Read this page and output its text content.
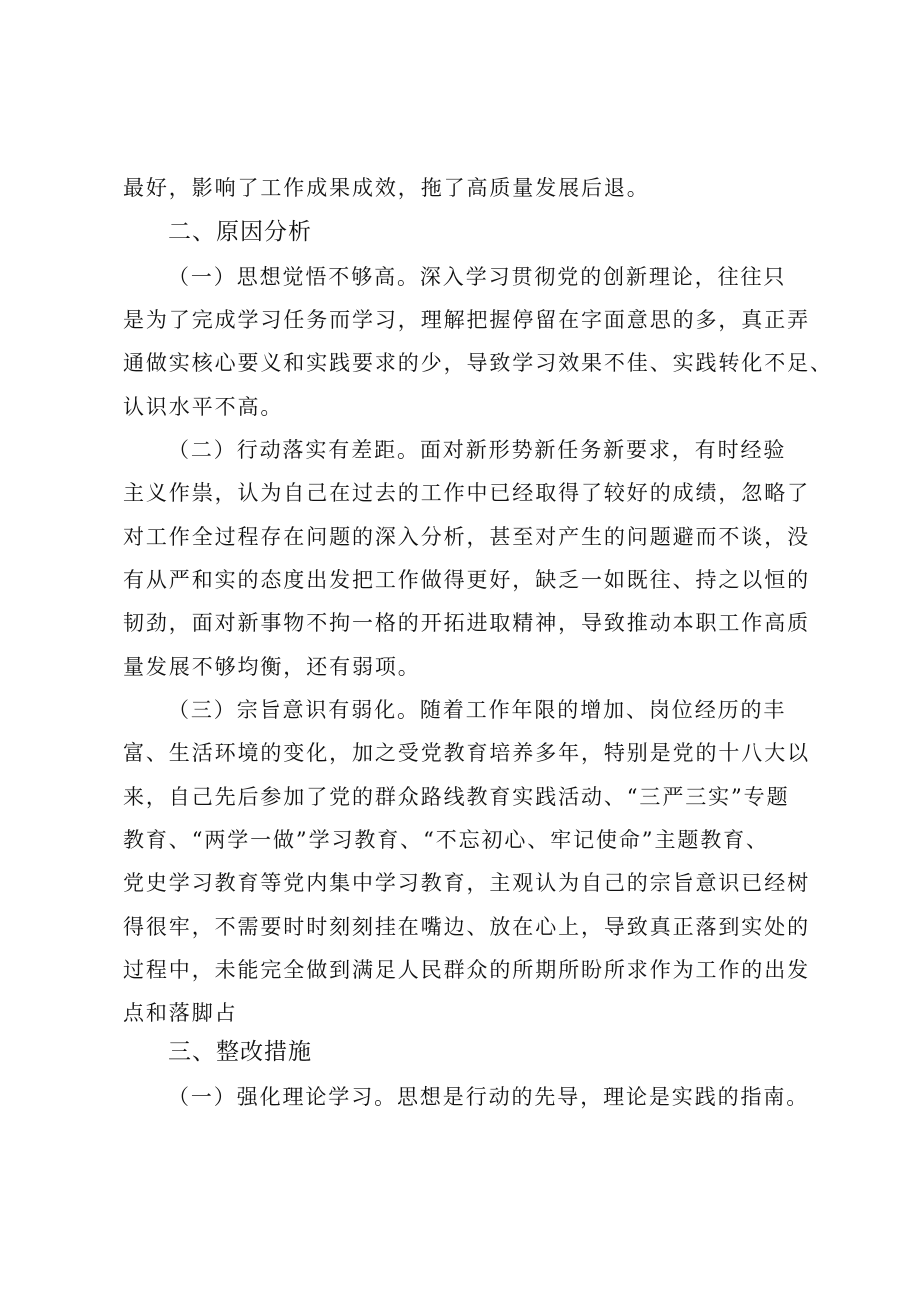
最好，影响了工作成果成效，拖了高质量发展后退。
二、原因分析
（一）思想觉悟不够高。深入学习贯彻党的创新理论，往往只
是为了完成学习任务而学习，理解把握停留在字面意思的多，真正弄
通做实核心要义和实践要求的少，导致学习效果不佳、实践转化不足、
认识水平不高。
（二）行动落实有差距。面对新形势新任务新要求，有时经验
主义作祟，认为自己在过去的工作中已经取得了较好的成绩，忽略了
对工作全过程存在问题的深入分析，甚至对产生的问题避而不谈，没
有从严和实的态度出发把工作做得更好，缺乏一如既往、持之以恒的
韧劲，面对新事物不拘一格的开拓进取精神，导致推动本职工作高质
量发展不够均衡，还有弱项。
（三）宗旨意识有弱化。随着工作年限的增加、岗位经历的丰
富、生活环境的变化，加之受党教育培养多年，特别是党的十八大以
来，自己先后参加了党的群众路线教育实践活动、“三严三实”专题
教育、“两学一做”学习教育、“不忘初心、牢记使命”主题教育、
党史学习教育等党内集中学习教育，主观认为自己的宗旨意识已经树
得很牢，不需要时时刻刻挂在嘴边、放在心上，导致真正落到实处的
过程中，未能完全做到满足人民群众的所期所盼所求作为工作的出发
点和落脚占
三、整改措施
（一）强化理论学习。思想是行动的先导，理论是实践的指南。
